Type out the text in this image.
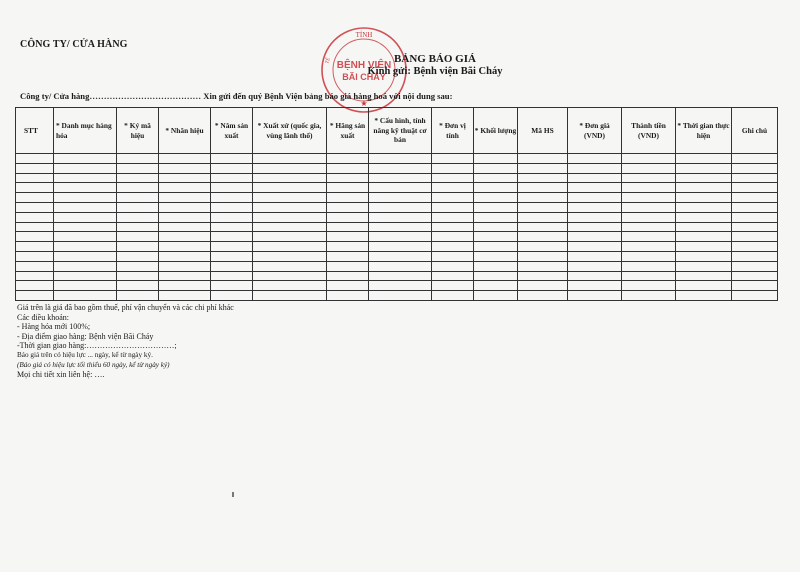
CÔNG TY/ CỬA HÀNG
TỈNH
TẾ BỆNH VIỆN
BÃI CHÁY
★
BẢNG BÁO GIÁ
Kính gửi: Bệnh viện Bãi Cháy
Công ty/ Cửa hàng………………………………… Xin gửi đến quý Bệnh Viện bảng báo giá hàng hoá với nội dung sau:
STT	* Danh mục hàng hóa	* Ký mã hiệu	* Nhãn hiệu	* Năm sản xuất	* Xuất xứ (quốc gia, vùng lãnh thổ)	* Hãng sản xuất	* Cấu hình, tính năng kỹ thuật cơ bản	* Đơn vị tính	* Khối lượng	Mã HS	* Đơn giá (VND)	Thành tiền (VND)	* Thời gian thực hiện	Ghi chú

Giá trên là giá đã bao gồm thuế, phí vận chuyển và các chi phí khác
Các điều khoản:
- Hàng hóa mới 100%;
- Địa điểm giao hàng: Bệnh viện Bãi Cháy
-Thời gian giao hàng:……………………………;
Báo giá trên có hiệu lực ... ngày, kể từ ngày ký.
(Báo giá có hiệu lực tối thiểu 60 ngày, kể từ ngày ký)
Mọi chi tiết xin liên hệ: ….
